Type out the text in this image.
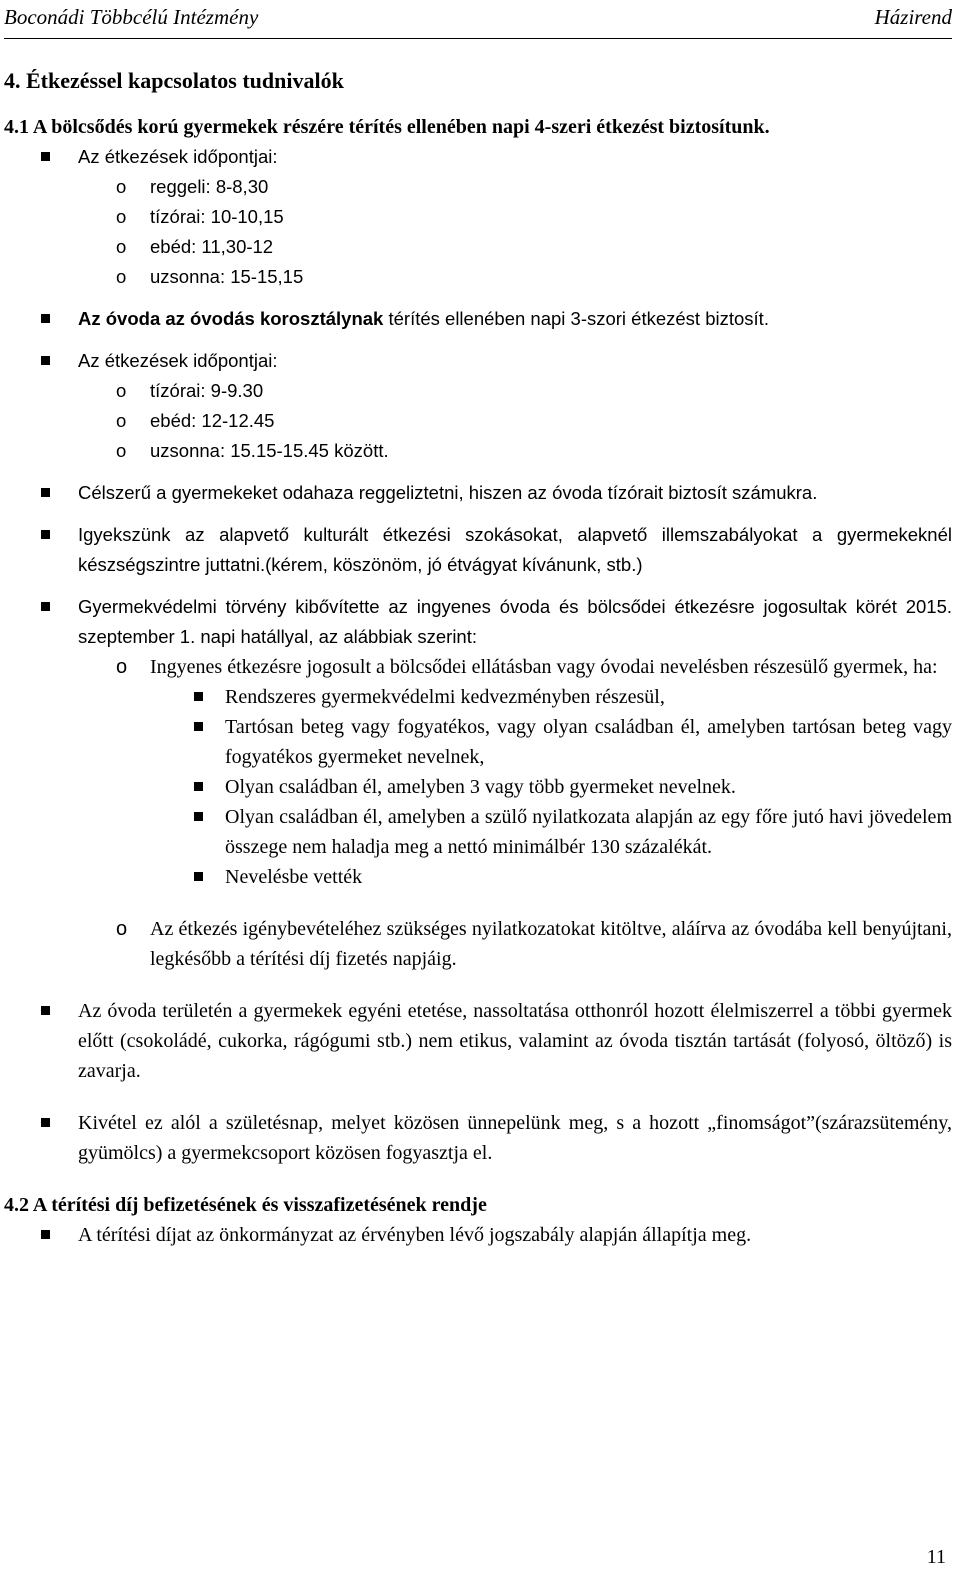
Boconádi Többcélú Intézmény	Házirend
4. Étkezéssel kapcsolatos tudnivalók
4.1 A bölcsődés korú gyermekek részére térítés ellenében napi 4-szeri étkezést biztosítunk.
Az étkezések időpontjai:
o reggeli: 8-8,30
o tízórai: 10-10,15
o ebéd: 11,30-12
o uzsonna: 15-15,15
Az óvoda az óvodás korosztálynak térítés ellenében napi 3-szori étkezést biztosít.
Az étkezések időpontjai:
o tízórai: 9-9.30
o ebéd: 12-12.45
o uzsonna: 15.15-15.45 között.
Célszerű a gyermekeket odahaza reggeliztetni, hiszen az óvoda tízórait biztosít számukra.
Igyekszünk az alapvető kulturált étkezési szokásokat, alapvető illemszabályokat a gyermekeknél készségszintre juttatni.(kérem, köszönöm, jó étvágyat kívánunk, stb.)
Gyermekvédelmi törvény kibővítette az ingyenes óvoda és bölcsődei étkezésre jogosultak körét 2015. szeptember 1. napi hatállyal, az alábbiak szerint:
o Ingyenes étkezésre jogosult a bölcsődei ellátásban vagy óvodai nevelésben részesülő gyermek, ha:
Rendszeres gyermekvédelmi kedvezményben részesül,
Tartósan beteg vagy fogyatékos, vagy olyan családban él, amelyben tartósan beteg vagy fogyatékos gyermeket nevelnek,
Olyan családban él, amelyben 3 vagy több gyermeket nevelnek.
Olyan családban él, amelyben a szülő nyilatkozata alapján az egy főre jutó havi jövedelem összege nem haladja meg a nettó minimálbér 130 százalékát.
Nevelésbe vették
o Az étkezés igénybevételéhez szükséges nyilatkozatokat kitöltve, aláírva az óvodába kell benyújtani, legkésőbb a térítési díj fizetés napjáig.
Az óvoda területén a gyermekek egyéni etetése, nassoltatása otthonról hozott élelmiszerrel a többi gyermek előtt (csokoládé, cukorka, rágógumi stb.) nem etikus, valamint az óvoda tisztán tartását (folyosó, öltöző) is zavarja.
Kivétel ez alól a születésnap, melyet közösen ünnepelünk meg, s a hozott „finomságot”(szárazsütemény, gyümölcs) a gyermekcsoport közösen fogyasztja el.
4.2 A térítési díj befizetésének és visszafizetésének rendje
A térítési díjat az önkormányzat az érvényben lévő jogszabály alapján állapítja meg.
11
